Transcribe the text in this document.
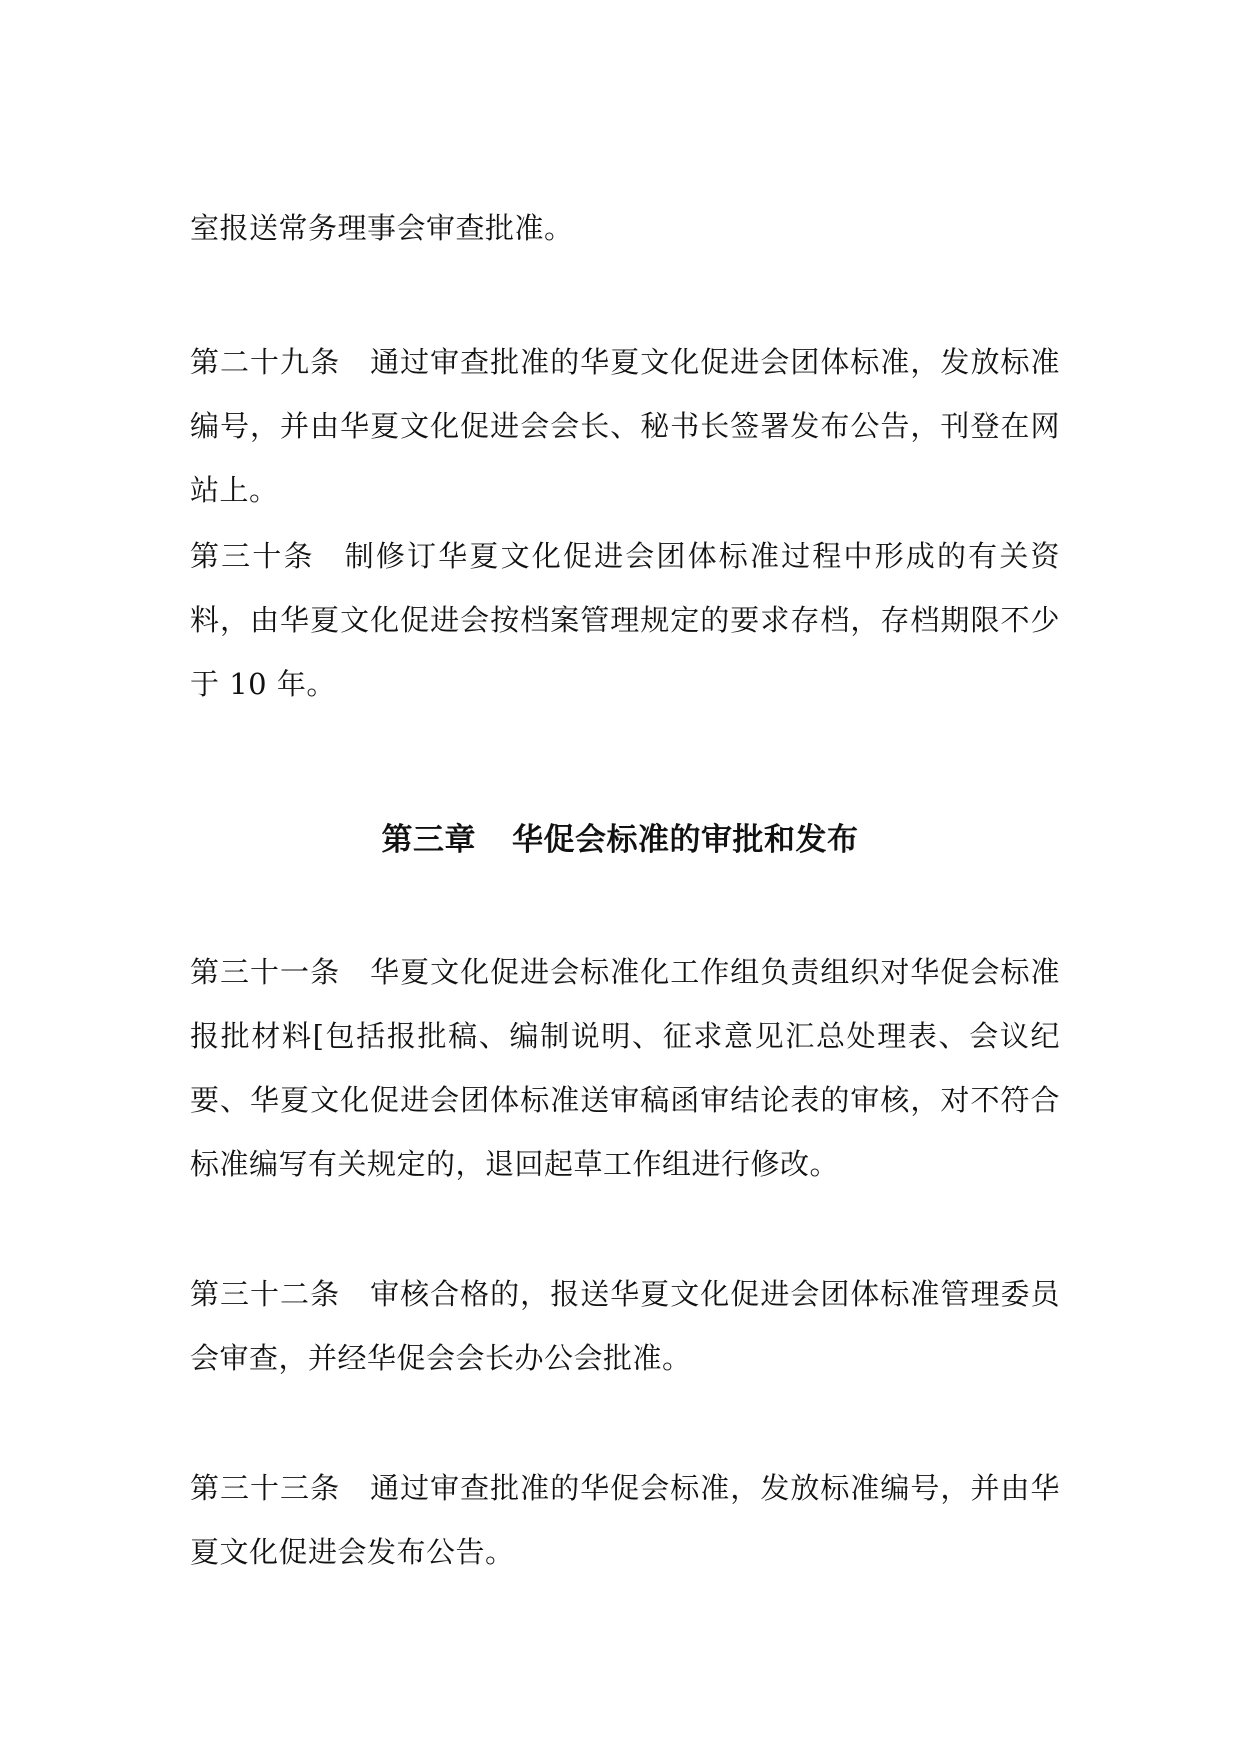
室报送常务理事会审查批准。

第二十九条 通过审查批准的华夏文化促进会团体标准，发放标准编号，并由华夏文化促进会会长、秘书长签署发布公告，刊登在网站上。

第三十条 制修订华夏文化促进会团体标准过程中形成的有关资料，由华夏文化促进会按档案管理规定的要求存档，存档期限不少于 10 年。

第三章 华促会标准的审批和发布

第三十一条 华夏文化促进会标准化工作组负责组织对华促会标准报批材料[包括报批稿、编制说明、征求意见汇总处理表、会议纪要、华夏文化促进会团体标准送审稿函审结论表的审核，对不符合标准编写有关规定的，退回起草工作组进行修改。

第三十二条 审核合格的，报送华夏文化促进会团体标准管理委员会审查，并经华促会会长办公会批准。

第三十三条 通过审查批准的华促会标准，发放标准编号，并由华夏文化促进会发布公告。
